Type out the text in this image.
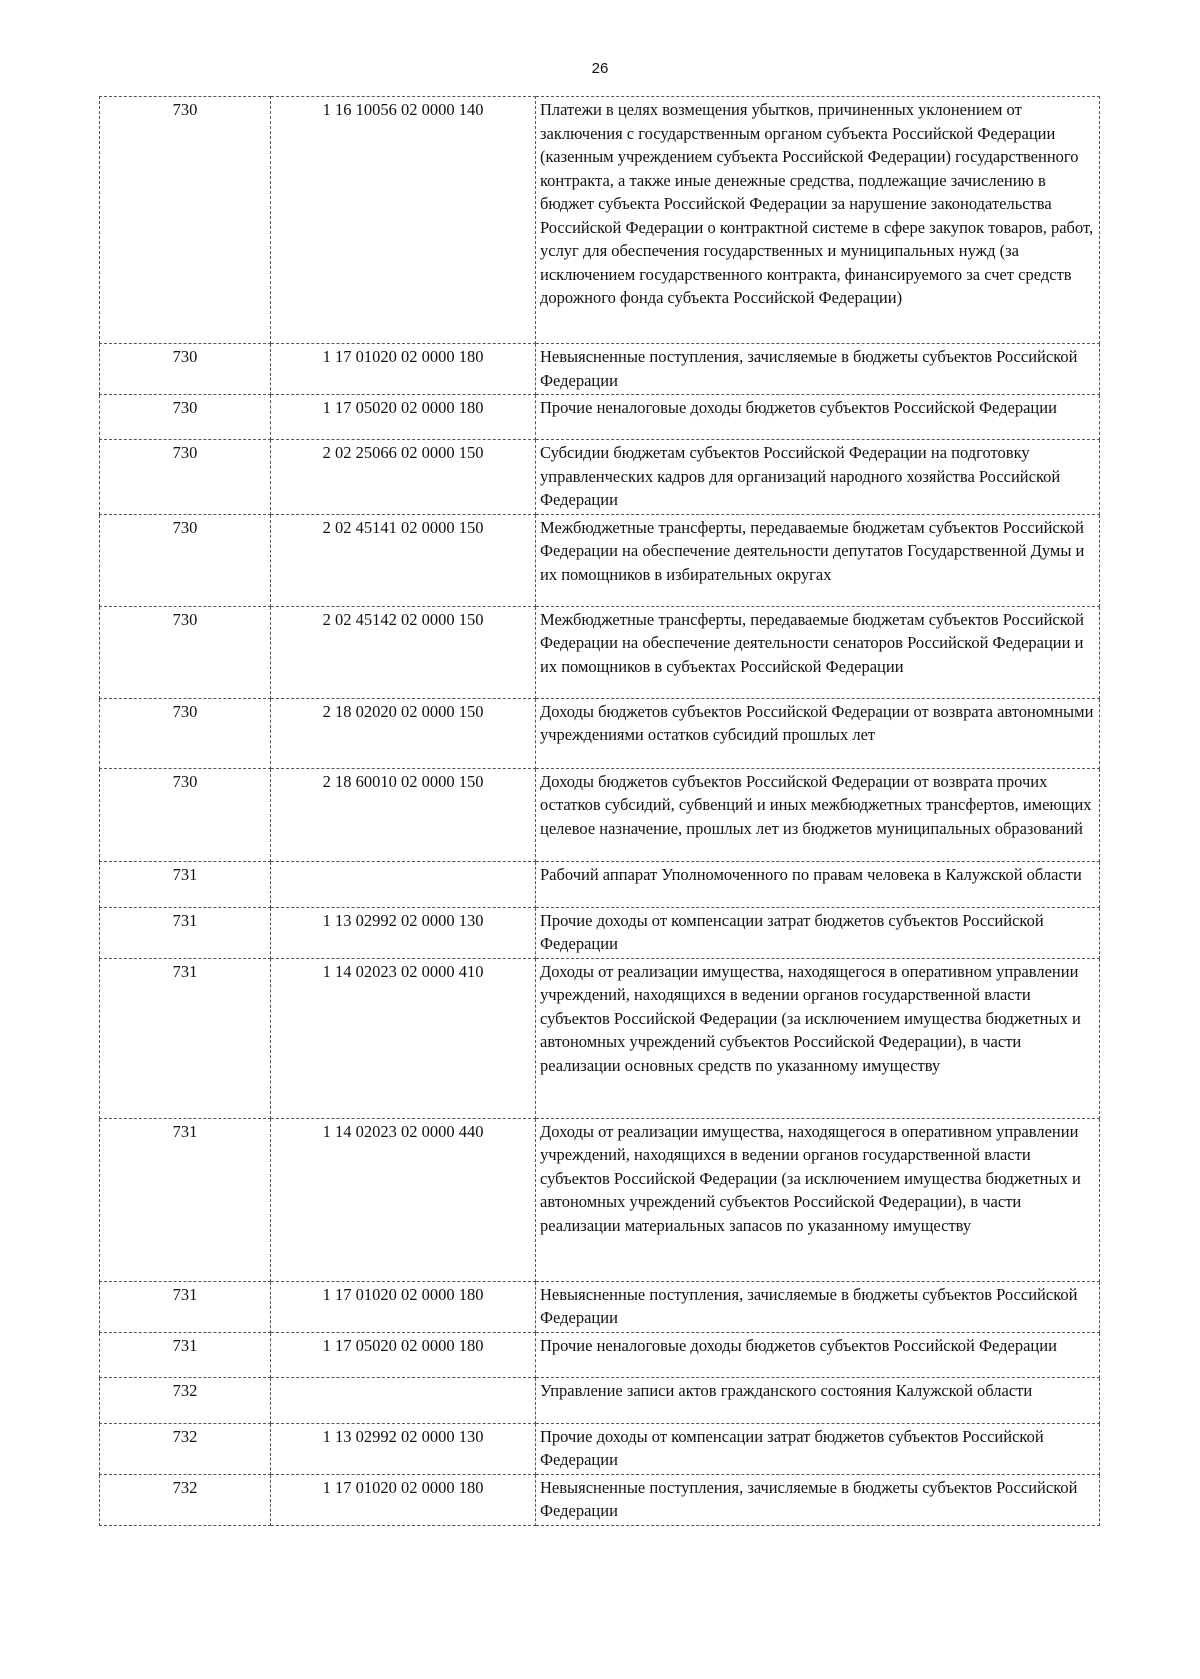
26
730	1 16 10056 02 0000 140	Платежи в целях возмещения убытков, причиненных уклонением от заключения с государственным органом субъекта Российской Федерации (казенным учреждением субъекта Российской Федерации) государственного контракта, а также иные денежные средства, подлежащие зачислению в бюджет субъекта Российской Федерации за нарушение законодательства Российской Федерации о контрактной системе в сфере закупок товаров, работ, услуг для обеспечения государственных и муниципальных нужд (за исключением государственного контракта, финансируемого за счет средств дорожного фонда субъекта Российской Федерации)
730	1 17 01020 02 0000 180	Невыясненные поступления, зачисляемые в бюджеты субъектов Российской Федерации
730	1 17 05020 02 0000 180	Прочие неналоговые доходы бюджетов субъектов Российской Федерации
730	2 02 25066 02 0000 150	Субсидии бюджетам субъектов Российской Федерации на подготовку управленческих кадров для организаций народного хозяйства Российской Федерации
730	2 02 45141 02 0000 150	Межбюджетные трансферты, передаваемые бюджетам субъектов Российской Федерации на обеспечение деятельности депутатов Государственной Думы и их помощников в избирательных округах
730	2 02 45142 02 0000 150	Межбюджетные трансферты, передаваемые бюджетам субъектов Российской Федерации на обеспечение деятельности сенаторов Российской Федерации и их помощников в субъектах Российской Федерации
730	2 18 02020 02 0000 150	Доходы бюджетов субъектов Российской Федерации от возврата автономными учреждениями остатков субсидий прошлых лет
730	2 18 60010 02 0000 150	Доходы бюджетов субъектов Российской Федерации от возврата прочих остатков субсидий, субвенций и иных межбюджетных трансфертов, имеющих целевое назначение, прошлых лет из бюджетов муниципальных образований
731		Рабочий аппарат Уполномоченного по правам человека в Калужской области
731	1 13 02992 02 0000 130	Прочие доходы от компенсации затрат бюджетов субъектов Российской Федерации
731	1 14 02023 02 0000 410	Доходы от реализации имущества, находящегося в оперативном управлении учреждений, находящихся в ведении органов государственной власти субъектов Российской Федерации (за исключением имущества бюджетных и автономных учреждений субъектов Российской Федерации), в части реализации основных средств по указанному имуществу
731	1 14 02023 02 0000 440	Доходы от реализации имущества, находящегося в оперативном управлении учреждений, находящихся в ведении органов государственной власти субъектов Российской Федерации (за исключением имущества бюджетных и автономных учреждений субъектов Российской Федерации), в части реализации материальных запасов по указанному имуществу
731	1 17 01020 02 0000 180	Невыясненные поступления, зачисляемые в бюджеты субъектов Российской Федерации
731	1 17 05020 02 0000 180	Прочие неналоговые доходы бюджетов субъектов Российской Федерации
732		Управление записи актов гражданского состояния Калужской области
732	1 13 02992 02 0000 130	Прочие доходы от компенсации затрат бюджетов субъектов Российской Федерации
732	1 17 01020 02 0000 180	Невыясненные поступления, зачисляемые в бюджеты субъектов Российской Федерации
